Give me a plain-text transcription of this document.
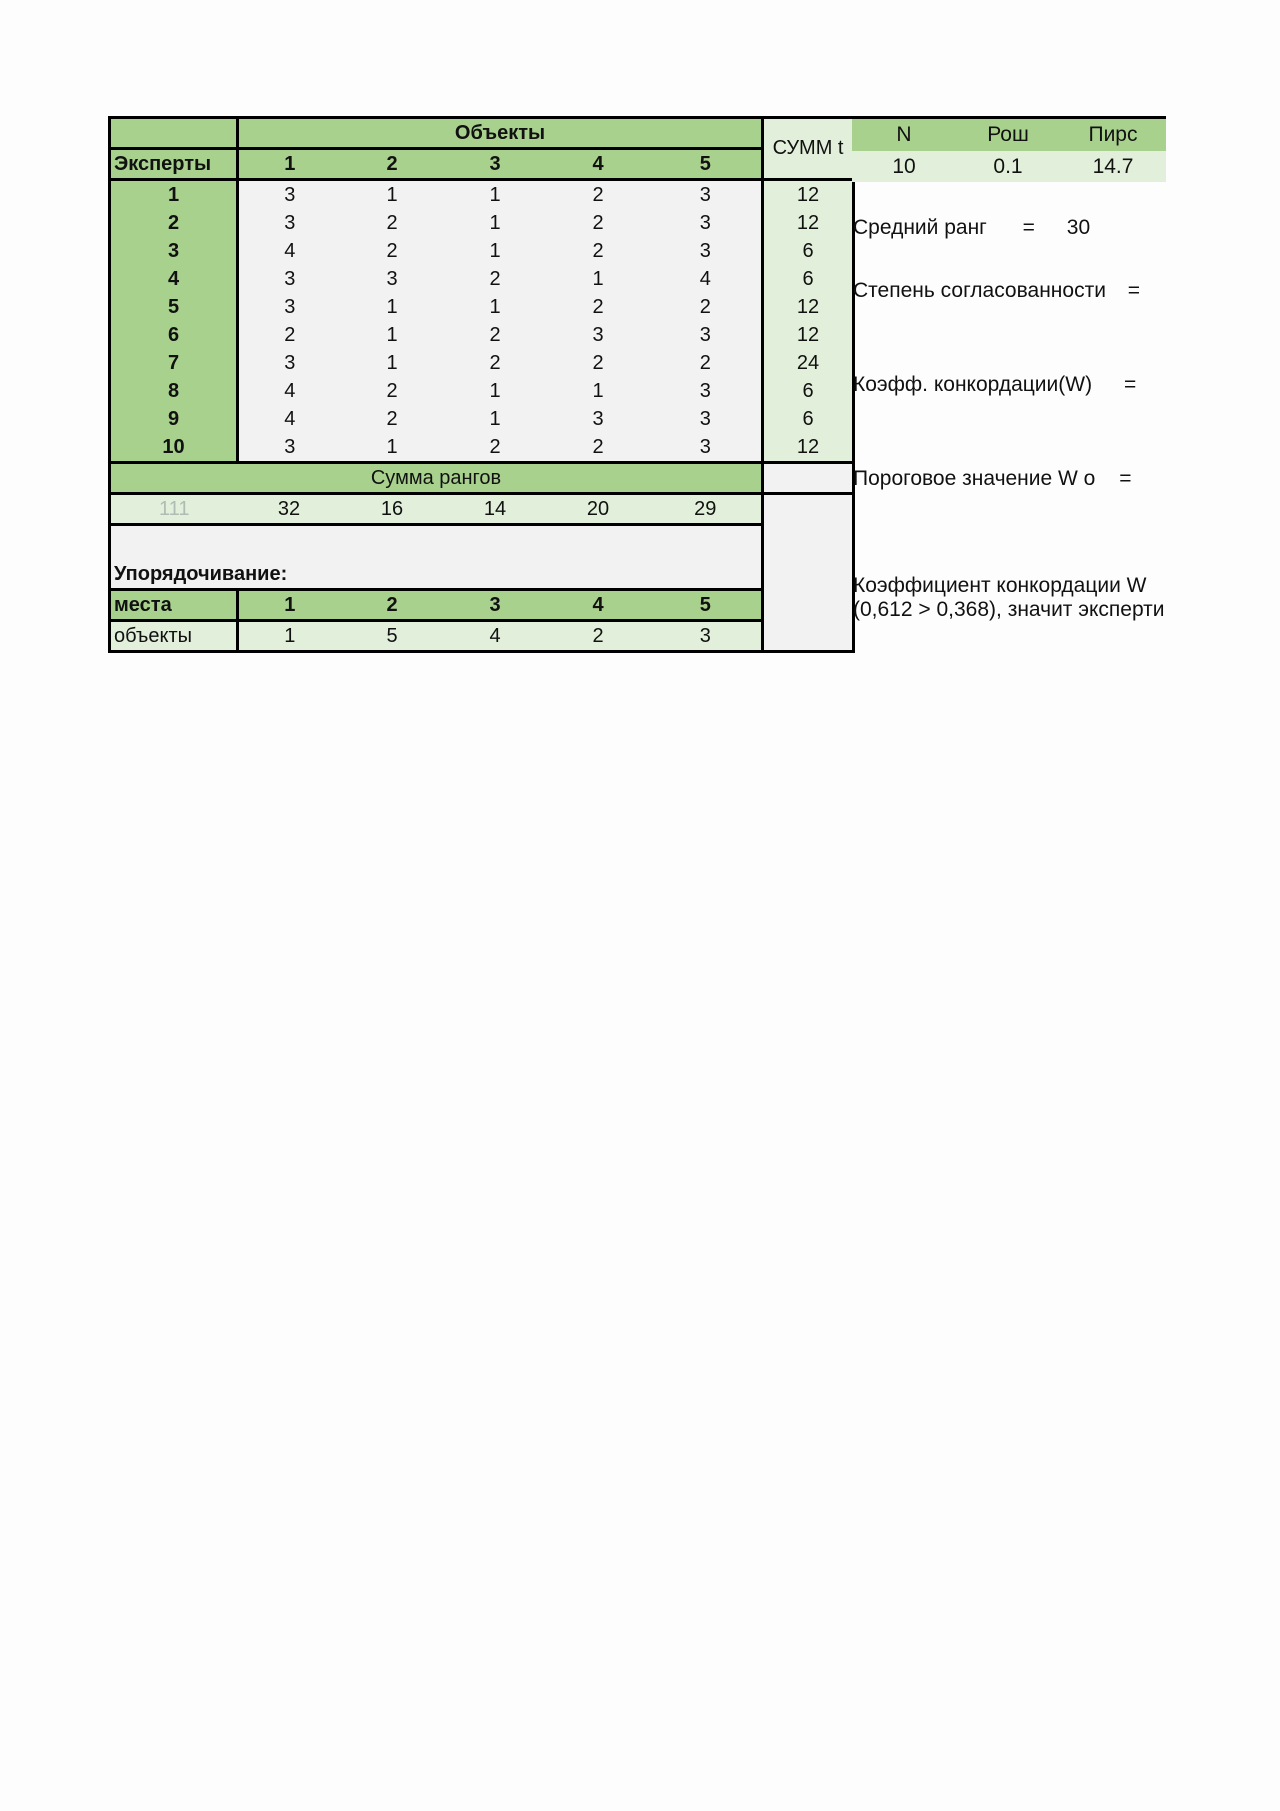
	Объекты					СУММ t
Эксперты	1	2	3	4	5	
1	3	1	1	2	3	12
2	3	2	1	2	3	12
3	4	2	1	2	3	6
4	3	3	2	1	4	6
5	3	1	1	2	2	12
6	2	1	2	3	3	12
7	3	1	2	2	2	24
8	4	2	1	1	3	6
9	4	2	1	3	3	6
10	3	1	2	2	3	12
Сумма рангов						
111	32	16	14	20	29	
Упорядочивание:						
места	1	2	3	4	5	
объекты	1	5	4	2	3	
N	Рош	Пирс
10	0.1	14.7
Средний ранг = 30
Степень согласованности =
Коэфф. конкордации(W) =
Пороговое значение W о =
Коэффициент конкордации W
(0,612 > 0,368), значит эксперти
